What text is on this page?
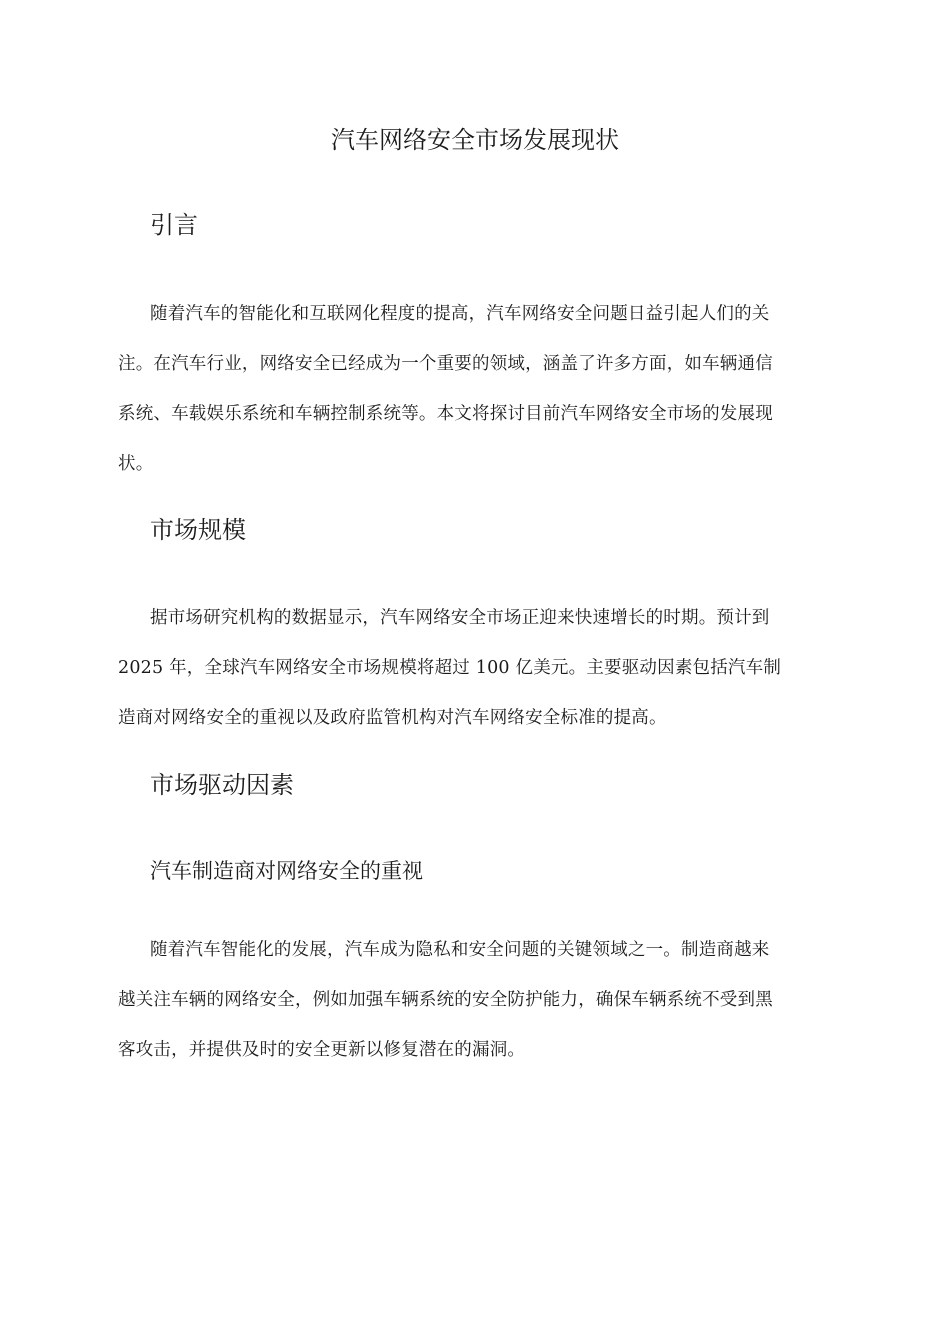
汽车网络安全市场发展现状
引言
随着汽车的智能化和互联网化程度的提高，汽车网络安全问题日益引起人们的关
注。在汽车行业，网络安全已经成为一个重要的领域，涵盖了许多方面，如车辆通信
系统、车载娱乐系统和车辆控制系统等。本文将探讨目前汽车网络安全市场的发展现
状。
市场规模
据市场研究机构的数据显示，汽车网络安全市场正迎来快速增长的时期。预计到
2025 年，全球汽车网络安全市场规模将超过 100 亿美元。主要驱动因素包括汽车制
造商对网络安全的重视以及政府监管机构对汽车网络安全标准的提高。
市场驱动因素
汽车制造商对网络安全的重视
随着汽车智能化的发展，汽车成为隐私和安全问题的关键领域之一。制造商越来
越关注车辆的网络安全，例如加强车辆系统的安全防护能力，确保车辆系统不受到黑
客攻击，并提供及时的安全更新以修复潜在的漏洞。
